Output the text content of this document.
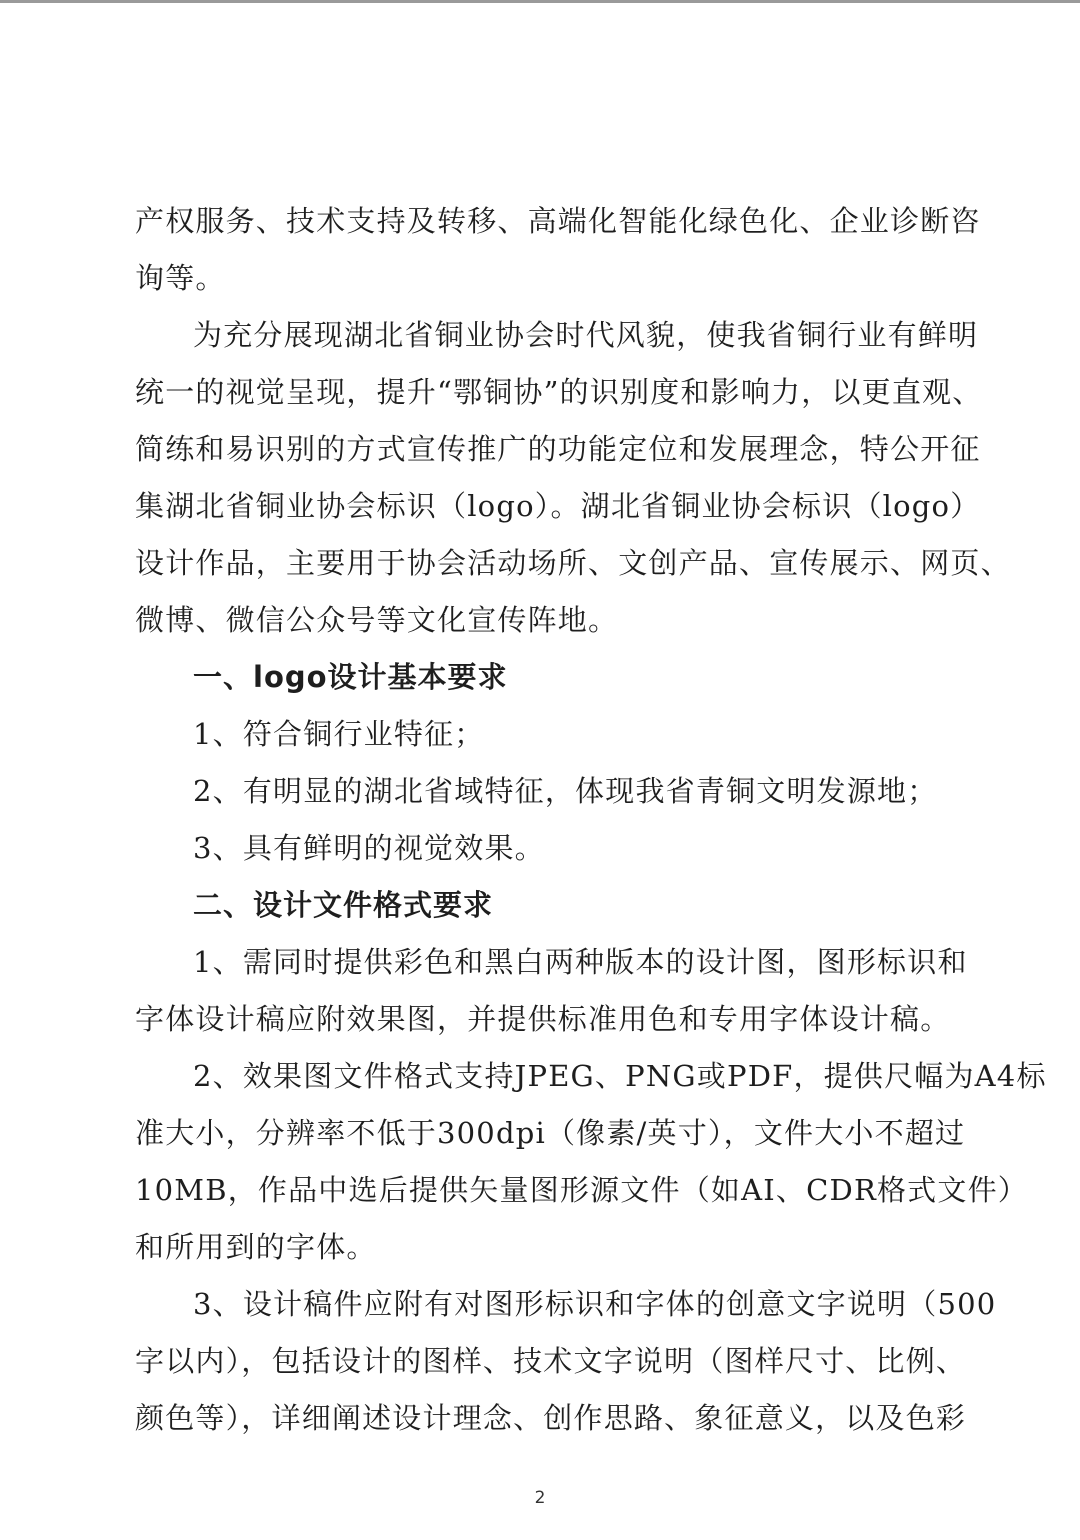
产权服务、技术支持及转移、高端化智能化绿色化、企业诊断咨
询等。
为充分展现湖北省铜业协会时代风貌，使我省铜行业有鲜明
统一的视觉呈现，提升“鄂铜协”的识别度和影响力，以更直观、
简练和易识别的方式宣传推广的功能定位和发展理念，特公开征
集湖北省铜业协会标识（logo）。湖北省铜业协会标识（logo）
设计作品，主要用于协会活动场所、文创产品、宣传展示、网页、
微博、微信公众号等文化宣传阵地。
一、logo设计基本要求
1、符合铜行业特征；
2、有明显的湖北省域特征，体现我省青铜文明发源地；
3、具有鲜明的视觉效果。
二、设计文件格式要求
1、需同时提供彩色和黑白两种版本的设计图，图形标识和
字体设计稿应附效果图，并提供标准用色和专用字体设计稿。
2、效果图文件格式支持JPEG、PNG或PDF，提供尺幅为A4标
准大小，分辨率不低于300dpi（像素/英寸），文件大小不超过
10MB，作品中选后提供矢量图形源文件（如AI、CDR格式文件）
和所用到的字体。
3、设计稿件应附有对图形标识和字体的创意文字说明（500
字以内），包括设计的图样、技术文字说明（图样尺寸、比例、
颜色等），详细阐述设计理念、创作思路、象征意义，以及色彩
2
